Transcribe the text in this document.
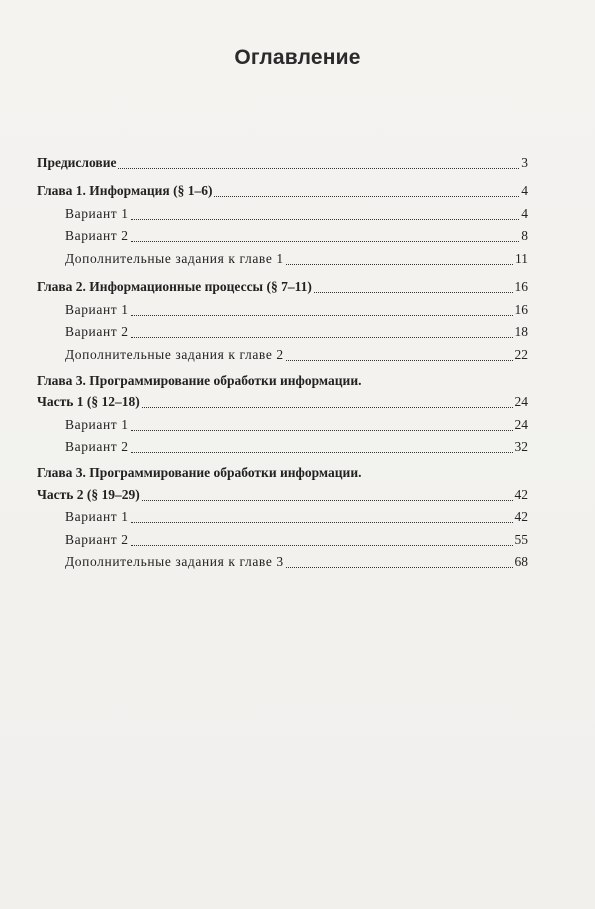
Оглавление
Предисловие	3
Глава 1. Информация (§ 1–6)	4
Вариант 1	4
Вариант 2	8
Дополнительные задания к главе 1	11
Глава 2. Информационные процессы (§ 7–11)	16
Вариант 1	16
Вариант 2	18
Дополнительные задания к главе 2	22
Глава 3. Программирование обработки информации.
Часть 1 (§ 12–18)	24
Вариант 1	24
Вариант 2	32
Глава 3. Программирование обработки информации.
Часть 2 (§ 19–29)	42
Вариант 1	42
Вариант 2	55
Дополнительные задания к главе 3	68
